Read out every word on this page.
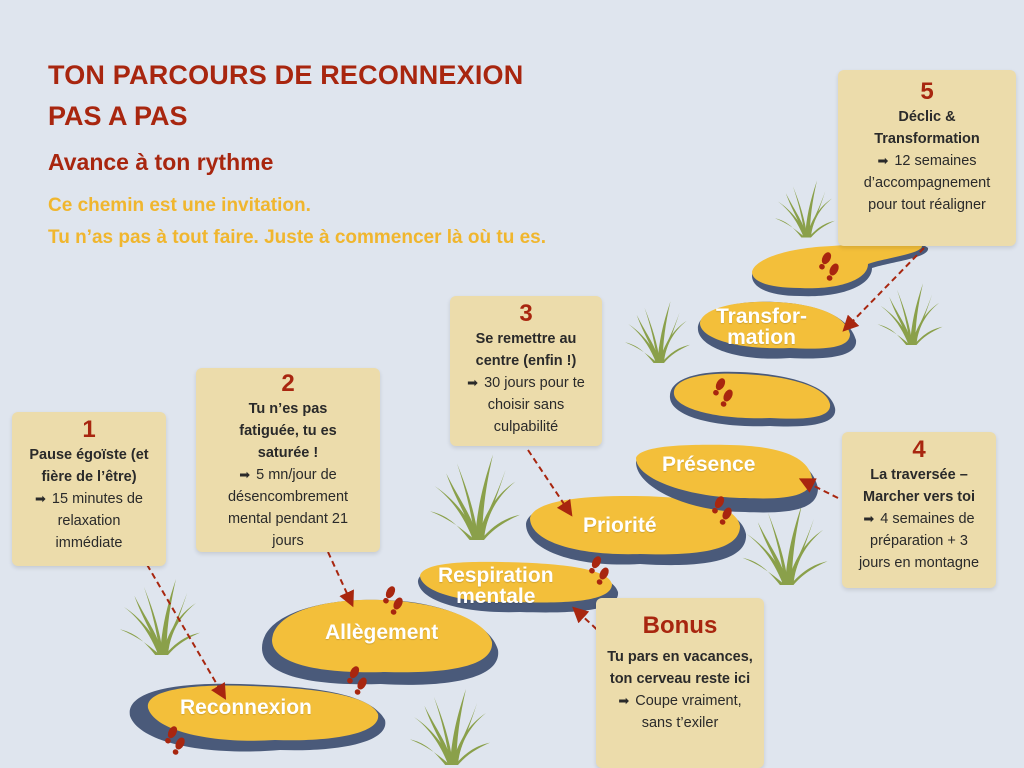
TON PARCOURS DE RECONNEXION
PAS A PAS
Avance à ton rythme
Ce chemin est une invitation.
Tu n’as pas à tout faire. Juste à commencer là où tu es.
Reconnexion
Allègement
Respiration
mentale
Priorité
Présence
Transfor-
mation
1
Pause égoïste (et
fière de l’être)
➡ 15 minutes de
relaxation
immédiate
2
Tu n’es pas
fatiguée, tu es
saturée !
➡ 5 mn/jour de
désencombrement
mental pendant 21
jours
3
Se remettre au
centre (enfin !)
➡ 30 jours pour te
choisir sans
culpabilité
4
La traversée –
Marcher vers toi
➡ 4 semaines de
préparation + 3
jours en montagne
5
Déclic &
Transformation
➡ 12 semaines
d’accompagnement
pour tout réaligner
Bonus
Tu pars en vacances,
ton cerveau reste ici
➡ Coupe vraiment,
sans t’exiler
